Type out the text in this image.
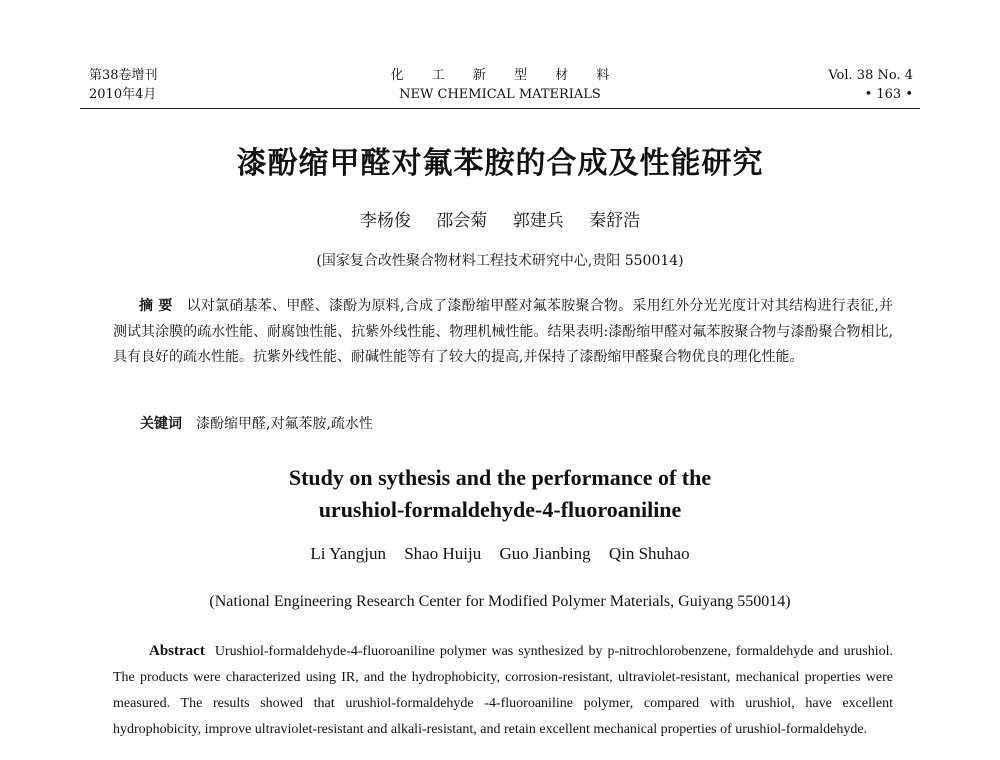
第38卷增刊
2010年4月
化 工 新 型 材 料
NEW CHEMICAL MATERIALS
Vol. 38 No. 4
• 163 •
漆酚缩甲醛对氟苯胺的合成及性能研究
李杨俊 邵会菊 郭建兵 秦舒浩
(国家复合改性聚合物材料工程技术研究中心,贵阳 550014)
摘 要 以对氯硝基苯、甲醛、漆酚为原料,合成了漆酚缩甲醛对氟苯胺聚合物。采用红外分光光度计对其结构进行表征,并测试其涂膜的疏水性能、耐腐蚀性能、抗紫外线性能、物理机械性能。结果表明:漆酚缩甲醛对氟苯胺聚合物与漆酚聚合物相比,具有良好的疏水性能。抗紫外线性能、耐碱性能等有了较大的提高,并保持了漆酚缩甲醛聚合物优良的理化性能。
关键词 漆酚缩甲醛,对氟苯胺,疏水性
Study on sythesis and the performance of the
urushiol-formaldehyde-4-fluoroaniline
Li Yangjun Shao Huiju Guo Jianbing Qin Shuhao
(National Engineering Research Center for Modified Polymer Materials, Guiyang 550014)
Abstract Urushiol-formaldehyde-4-fluoroaniline polymer was synthesized by p-nitrochlorobenzene, formaldehyde and urushiol. The products were characterized using IR, and the hydrophobicity, corrosion-resistant, ultraviolet-resistant, mechanical properties were measured. The results showed that urushiol-formaldehyde -4-fluoroaniline polymer, compared with urushiol, have excellent hydrophobicity, improve ultraviolet-resistant and alkali-resistant, and retain excellent mechanical properties of urushiol-formaldehyde.
